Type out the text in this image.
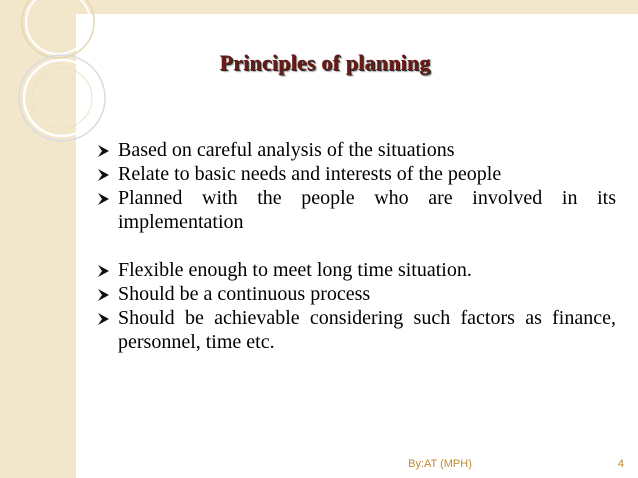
Principles of planning
Based on careful analysis of the situations
Relate to basic needs and interests of the people
Planned with the people who are involved in its implementation
Flexible enough to meet long time situation.
Should be a continuous process
Should be achievable considering such factors as finance, personnel, time etc.
By:AT (MPH)	4
